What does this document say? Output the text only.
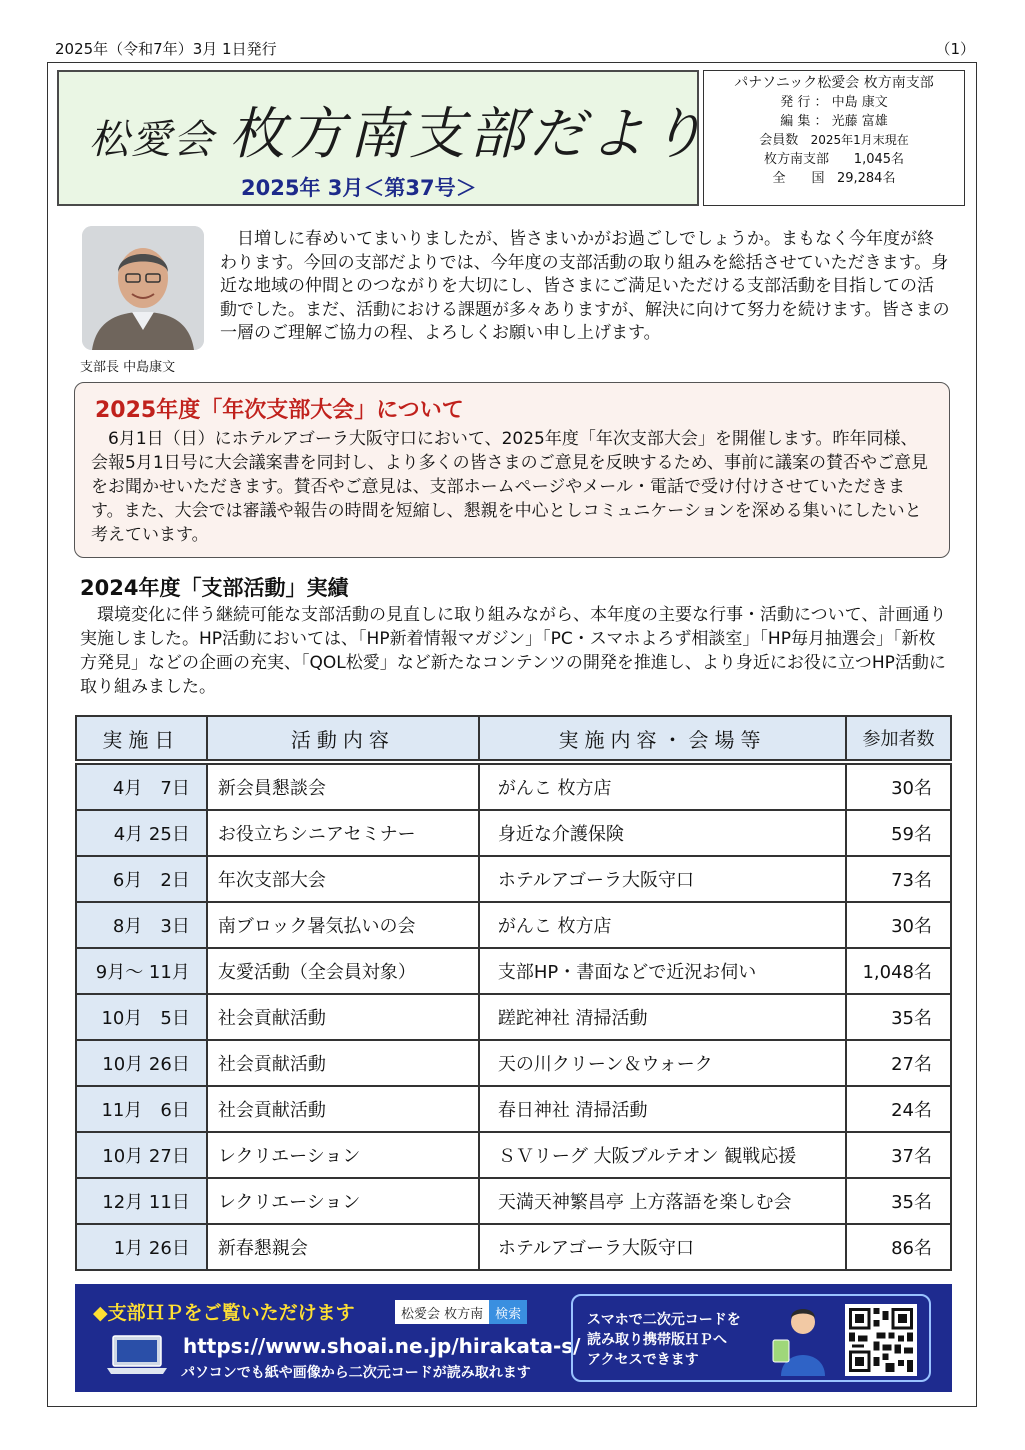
2025年（令和7年）3月 1日発行	（1）
松愛会 枚方南支部だより
2025年 3月＜第37号＞
パナソニック松愛会 枚方南支部
発 行 ： 中島 康文
編 集 ： 光藤 富雄
会員数
2025年1月末現在
枚方南支部
1,045名
全　　国
29,284名
支部長 中島康文

日増しに春めいてまいりましたが、皆さまいかがお過ごしでしょうか。まもなく今年度が終わります。今回の支部だよりでは、今年度の支部活動の取り組みを総括させていただきます。身近な地域の仲間とのつながりを大切にし、皆さまにご満足いただける支部活動を目指しての活動でした。まだ、活動における課題が多々ありますが、解決に向けて努力を続けます。皆さまの一層のご理解ご協力の程、よろしくお願い申し上げます。

2025年度「年次支部大会」について

6月1日（日）にホテルアゴーラ大阪守口において、2025年度「年次支部大会」を開催します。昨年同様、会報5月1日号に大会議案書を同封し、より多くの皆さまのご意見を反映するため、事前に議案の賛否やご意見をお聞かせいただきます。賛否やご意見は、支部ホームページやメール・電話で受け付けさせていただきます。また、大会では審議や報告の時間を短縮し、懇親を中心としコミュニケーションを深める集いにしたいと考えています。

2024年度「支部活動」実績

環境変化に伴う継続可能な支部活動の見直しに取り組みながら、本年度の主要な行事・活動について、計画通り実施しました。HP活動においては、「HP新着情報マガジン」「PC・スマホよろず相談室」「HP毎月抽選会」「新枚方発見」などの企画の充実、「QOL松愛」など新たなコンテンツの開発を推進し、より身近にお役に立つHP活動に取り組みました。

実施日	活動内容	実施内容・会場等	参加者数

4月　7日	新会員懇談会	がんこ 枚方店	30名
4月 25日	お役立ちシニアセミナー	身近な介護保険	59名
6月　2日	年次支部大会	ホテルアゴーラ大阪守口	73名
8月　3日	南ブロック暑気払いの会	がんこ 枚方店	30名
9月～ 11月	友愛活動（全会員対象）	支部HP・書面などで近況お伺い	1,048名
10月　5日	社会貢献活動	蹉跎神社 清掃活動	35名
10月 26日	社会貢献活動	天の川クリーン＆ウォーク	27名
11月　6日	社会貢献活動	春日神社 清掃活動	24名
10月 27日	レクリエーション	ＳＶリーグ 大阪ブルテオン 観戦応援	37名
12月 11日	レクリエーション	天満天神繁昌亭 上方落語を楽しむ会	35名
1月 26日	新春懇親会	ホテルアゴーラ大阪守口	86名
◆支部ＨＰをご覧いただけます	松愛会 枚方南 検索
https://www.shoai.ne.jp/hirakata-s/
パソコンでも紙や画像から二次元コードが読み取れます
スマホで二次元コードを
読み取り携帯版ＨＰへ
アクセスできます
